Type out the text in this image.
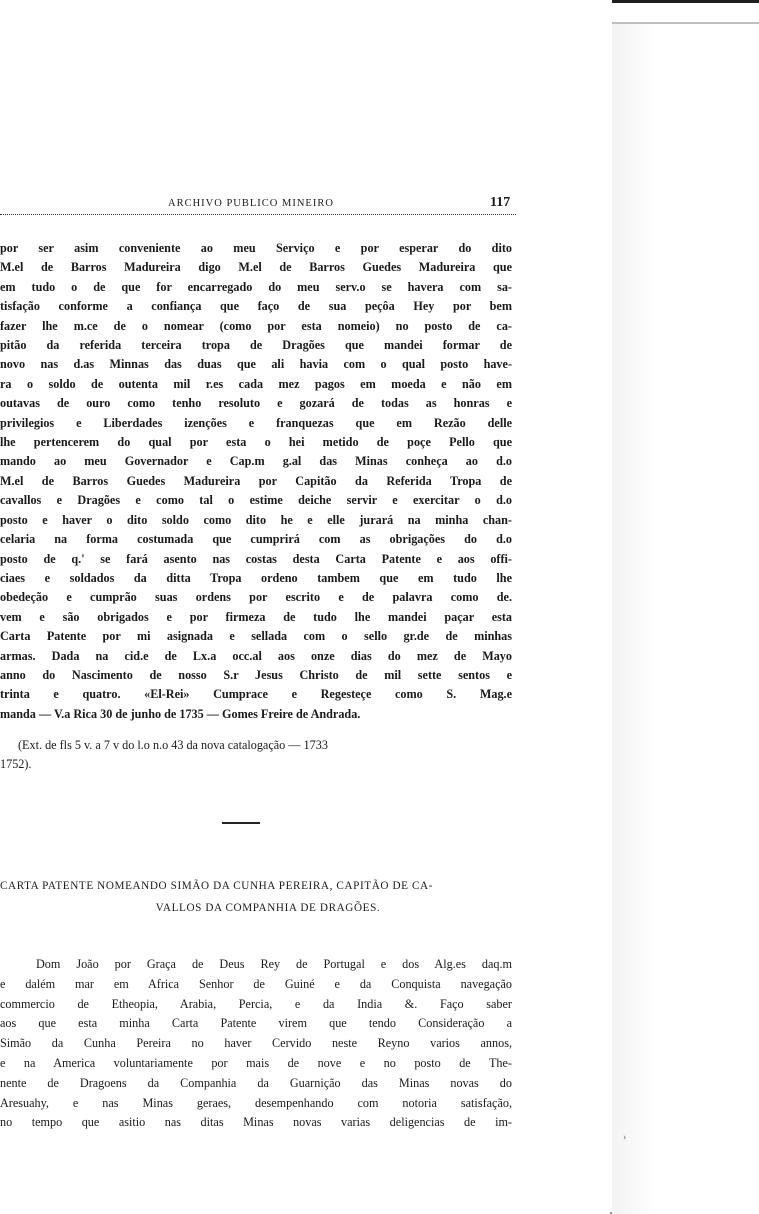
›
ARCHIVO PUBLICO MINEIRO	117

por ser asim conveniente ao meu Serviço e por esperar do dito

M.el de Barros Madureira digo M.el de Barros Guedes Madureira que

em tudo o de que for encarregado do meu serv.o se havera com sa-

tisfação conforme a confiança que faço de sua peçôa Hey por bem

fazer lhe m.ce de o nomear (como por esta nomeio) no posto de ca-

pitão da referida terceira tropa de Dragões que mandei formar de

novo nas d.as Minnas das duas que ali havia com o qual posto have-

ra o soldo de outenta mil r.es cada mez pagos em moeda e não em

outavas de ouro como tenho resoluto e gozará de todas as honras e

privilegios e Liberdades izenções e franquezas que em Rezão delle

lhe pertencerem do qual por esta o hei metido de poçe Pello que

mando ao meu Governador e Cap.m g.al das Minas conheça ao d.o

M.el de Barros Guedes Madureira por Capitão da Referida Tropa de

cavallos e Dragões e como tal o estime deiche servir e exercitar o d.o

posto e haver o dito soldo como dito he e elle jurará na minha chan-

celaria na forma costumada que cumprirá com as obrigações do d.o

posto de q.' se fará asento nas costas desta Carta Patente e aos offi-

ciaes e soldados da ditta Tropa ordeno tambem que em tudo lhe

obedeção e cumprão suas ordens por escrito e de palavra como de.

vem e são obrigados e por firmeza de tudo lhe mandei paçar esta

Carta Patente por mi asignada e sellada com o sello gr.de de minhas

armas. Dada na cid.e de Lx.a occ.al aos onze dias do mez de Mayo

anno do Nascimento de nosso S.r Jesus Christo de mil sette sentos e

trinta e quatro. «El-Rei» Cumprace e Regesteçe como S. Mag.e

manda — V.a Rica 30 de junho de 1735 — Gomes Freire de Andrada.

(Ext. de fls 5 v. a 7 v do l.o n.o 43 da nova catalogação — 1733

1752).

CARTA PATENTE NOMEANDO SIMÃO DA CUNHA PEREIRA, CAPITÃO DE CA-
VALLOS DA COMPANHIA DE DRAGÕES.

Dom João por Graça de Deus Rey de Portugal e dos Alg.es daq.m

e dalém mar em Africa Senhor de Guiné e da Conquista navegação

commercio de Etheopia, Arabia, Percia, e da India &. Faço saber

aos que esta minha Carta Patente virem que tendo Consideração a

Simão da Cunha Pereira no haver Cervido neste Reyno varios annos,

e na America voluntariamente por mais de nove e no posto de The-

nente de Dragoens da Companhia da Guarnição das Minas novas do

Aresuahy, e nas Minas geraes, desempenhando com notoria satisfação,

no tempo que asitio nas ditas Minas novas varias deligencias de im-
